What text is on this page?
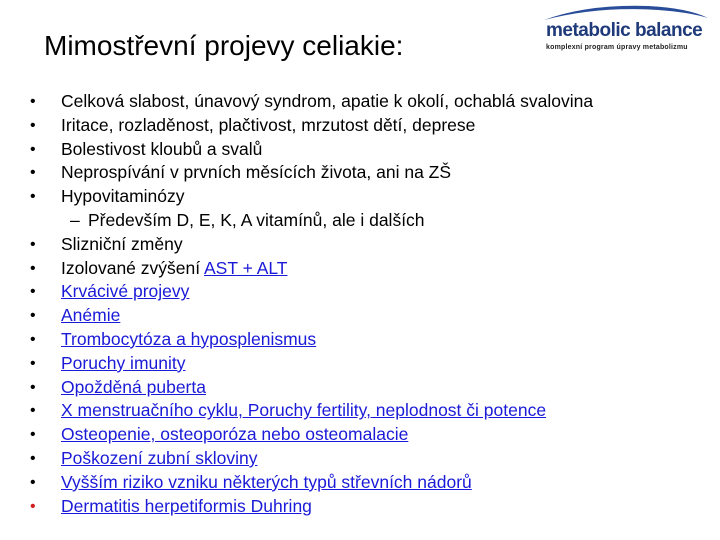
Mimostřevní projevy celiakie:	metabolic balance
komplexní program úpravy metabolizmu
• Celková slabost, únavový syndrom, apatie k okolí, ochablá svalovina
• Iritace, rozladěnost, plačtivost, mrzutost dětí, deprese
• Bolestivost kloubů a svalů
• Neprospívání v prvních měsících života, ani na ZŠ
• Hypovitaminózy
– Především D, E, K, A vitamínů, ale i dalších
• Slizniční změny
• Izolované zvýšení AST + ALT
• Krvácivé projevy
• Anémie
• Trombocytóza a hyposplenismus
• Poruchy imunity
• Opožděná puberta
• X menstruačního cyklu, Poruchy fertility, neplodnost či potence
• Osteopenie, osteoporóza nebo osteomalacie
• Poškození zubní skloviny
• Vyšším riziko vzniku některých typů střevních nádorů
• Dermatitis herpetiformis Duhring
